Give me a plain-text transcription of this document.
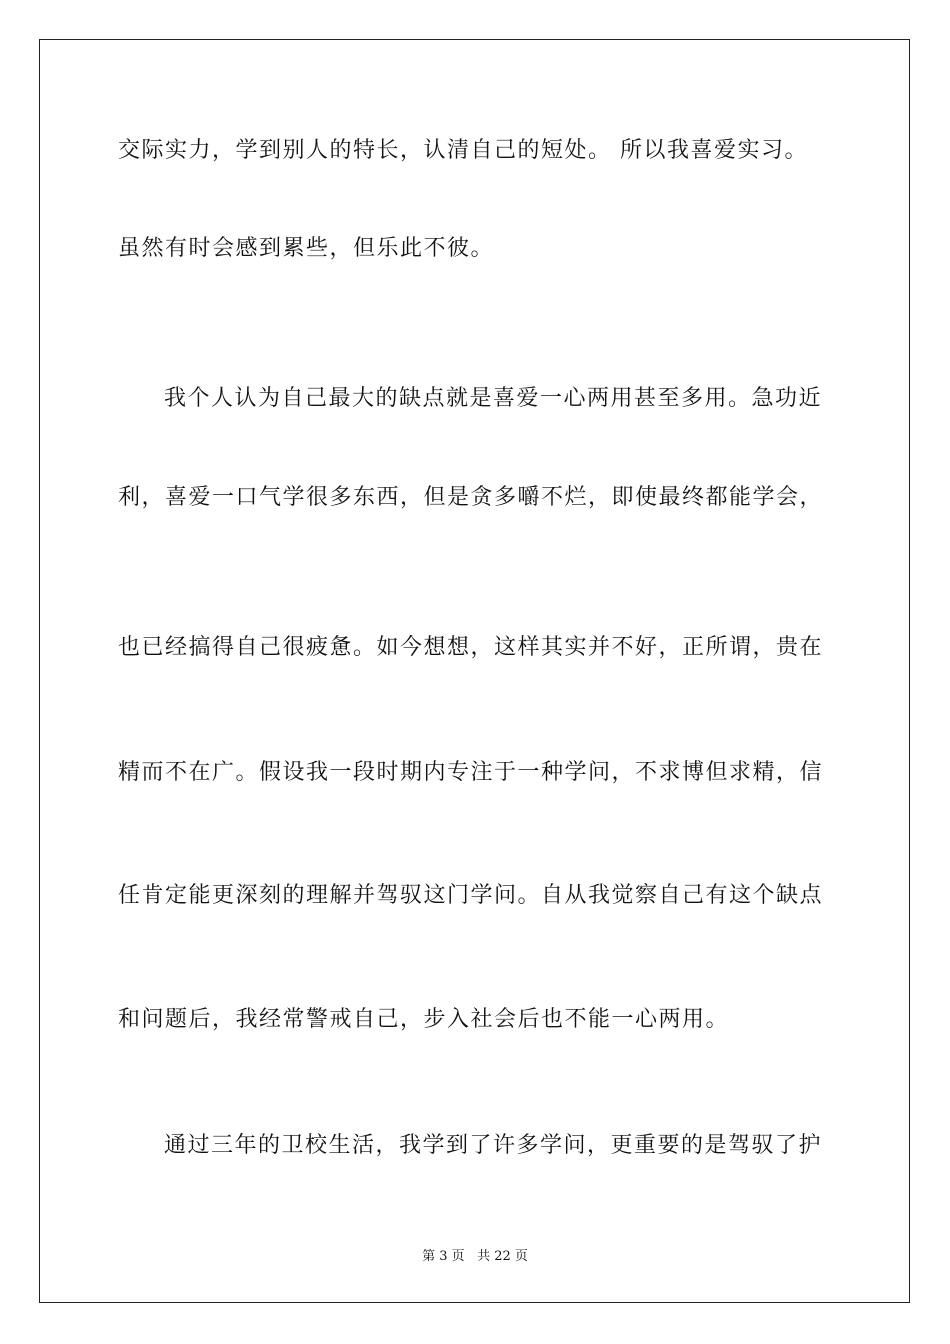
交际实力，学到别人的特长，认清自己的短处。 所以我喜爱实习。
虽然有时会感到累些，但乐此不彼。
我个人认为自己最大的缺点就是喜爱一心两用甚至多用。急功近
利，喜爱一口气学很多东西，但是贪多嚼不烂，即使最终都能学会，
也已经搞得自己很疲惫。如今想想，这样其实并不好，正所谓，贵在
精而不在广。假设我一段时期内专注于一种学问，不求博但求精，信
任肯定能更深刻的理解并驾驭这门学问。自从我觉察自己有这个缺点
和问题后，我经常警戒自己，步入社会后也不能一心两用。
通过三年的卫校生活，我学到了许多学问，更重要的是驾驭了护
第 3 页 共 22 页
